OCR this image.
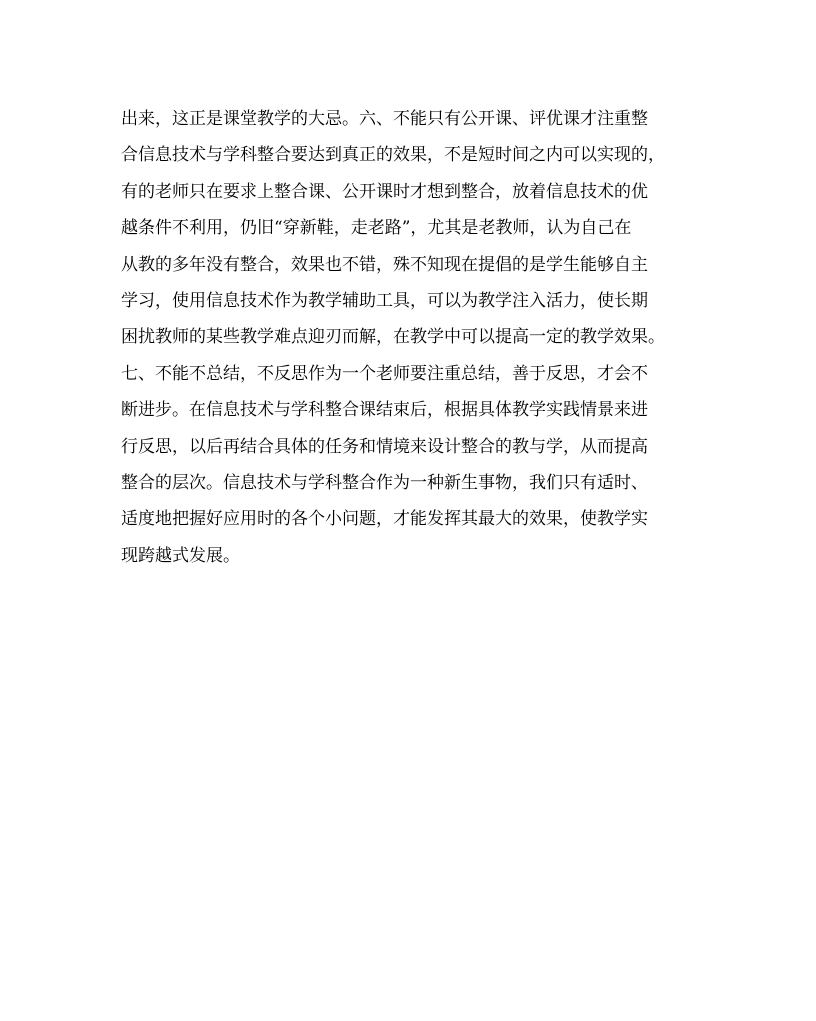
出来，这正是课堂教学的大忌。六、不能只有公开课、评优课才注重整
合信息技术与学科整合要达到真正的效果，不是短时间之内可以实现的，
有的老师只在要求上整合课、公开课时才想到整合，放着信息技术的优
越条件不利用，仍旧“穿新鞋，走老路”，尤其是老教师，认为自己在
从教的多年没有整合，效果也不错，殊不知现在提倡的是学生能够自主
学习，使用信息技术作为教学辅助工具，可以为教学注入活力，使长期
困扰教师的某些教学难点迎刃而解，在教学中可以提高一定的教学效果。
七、不能不总结，不反思作为一个老师要注重总结，善于反思，才会不
断进步。在信息技术与学科整合课结束后，根据具体教学实践情景来进
行反思，以后再结合具体的任务和情境来设计整合的教与学，从而提高
整合的层次。信息技术与学科整合作为一种新生事物，我们只有适时、
适度地把握好应用时的各个小问题，才能发挥其最大的效果，使教学实
现跨越式发展。
